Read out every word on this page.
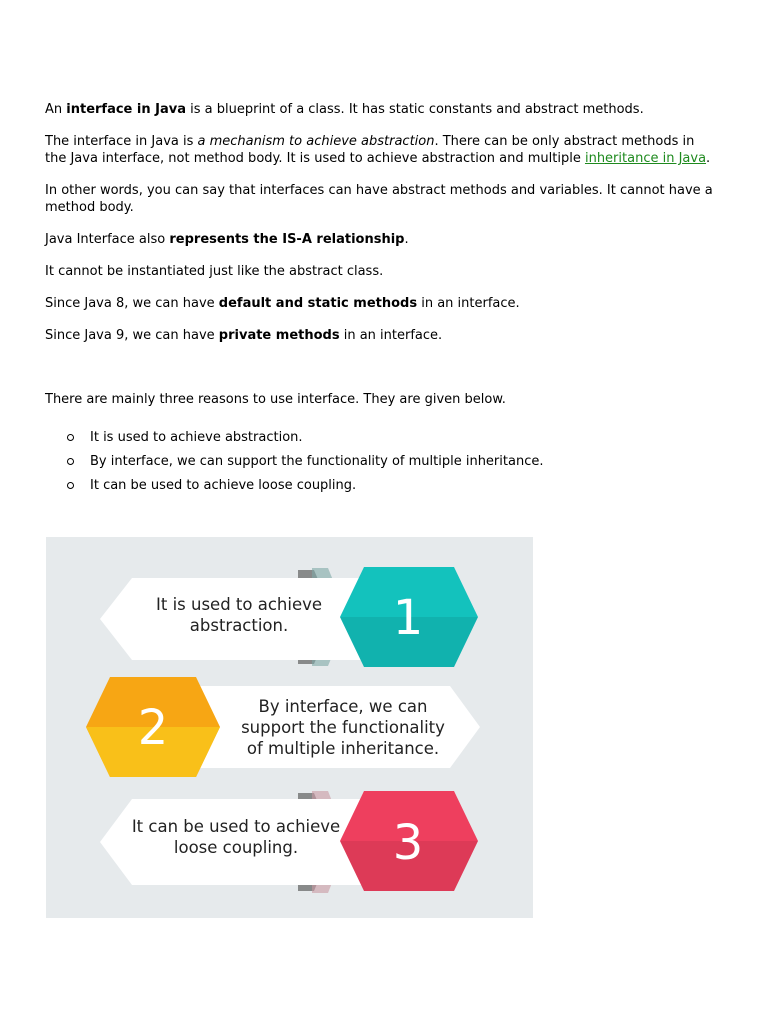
An interface in Java is a blueprint of a class. It has static constants and abstract methods.

The interface in Java is a mechanism to achieve abstraction. There can be only abstract methods in the Java interface, not method body. It is used to achieve abstraction and multiple inheritance in Java.

In other words, you can say that interfaces can have abstract methods and variables. It cannot have a method body.

Java Interface also represents the IS-A relationship.

It cannot be instantiated just like the abstract class.

Since Java 8, we can have default and static methods in an interface.

Since Java 9, we can have private methods in an interface.

There are mainly three reasons to use interface. They are given below.

It is used to achieve abstraction.
By interface, we can support the functionality of multiple inheritance.
It can be used to achieve loose coupling.
1
It is used to achieve
abstraction.
2	By interface, we can
support the functionality
of multiple inheritance.
3
It can be used to achieve
loose coupling.
